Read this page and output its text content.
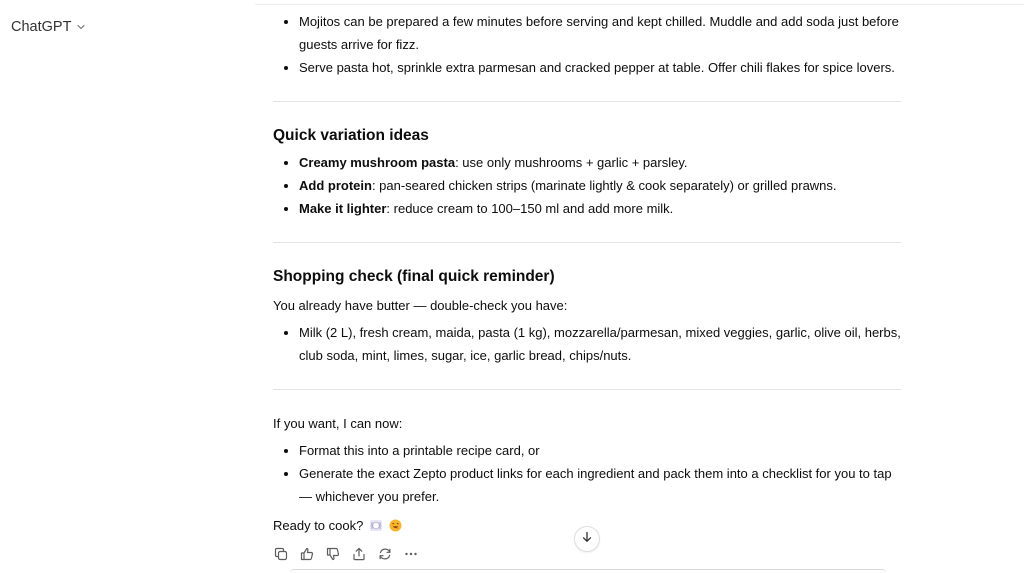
ChatGPT	Mojitos can be prepared a few minutes before serving and kept chilled. Muddle and add soda just before guests arrive for fizz.
Serve pasta hot, sprinkle extra parmesan and cracked pepper at table. Offer chili flakes for spice lovers.
Quick variation ideas
Creamy mushroom pasta: use only mushrooms + garlic + parsley.
Add protein: pan-seared chicken strips (marinate lightly & cook separately) or grilled prawns.
Make it lighter: reduce cream to 100–150 ml and add more milk.
Shopping check (final quick reminder)

You already have butter — double-check you have:

Milk (2 L), fresh cream, maida, pasta (1 kg), mozzarella/parmesan, mixed veggies, garlic, olive oil, herbs, club soda, mint, limes, sugar, ice, garlic bread, chips/nuts.

If you want, I can now:

Format this into a printable recipe card, or
Generate the exact Zepto product links for each ingredient and pack them into a checklist for you to tap — whichever you prefer.

Ready to cook?
